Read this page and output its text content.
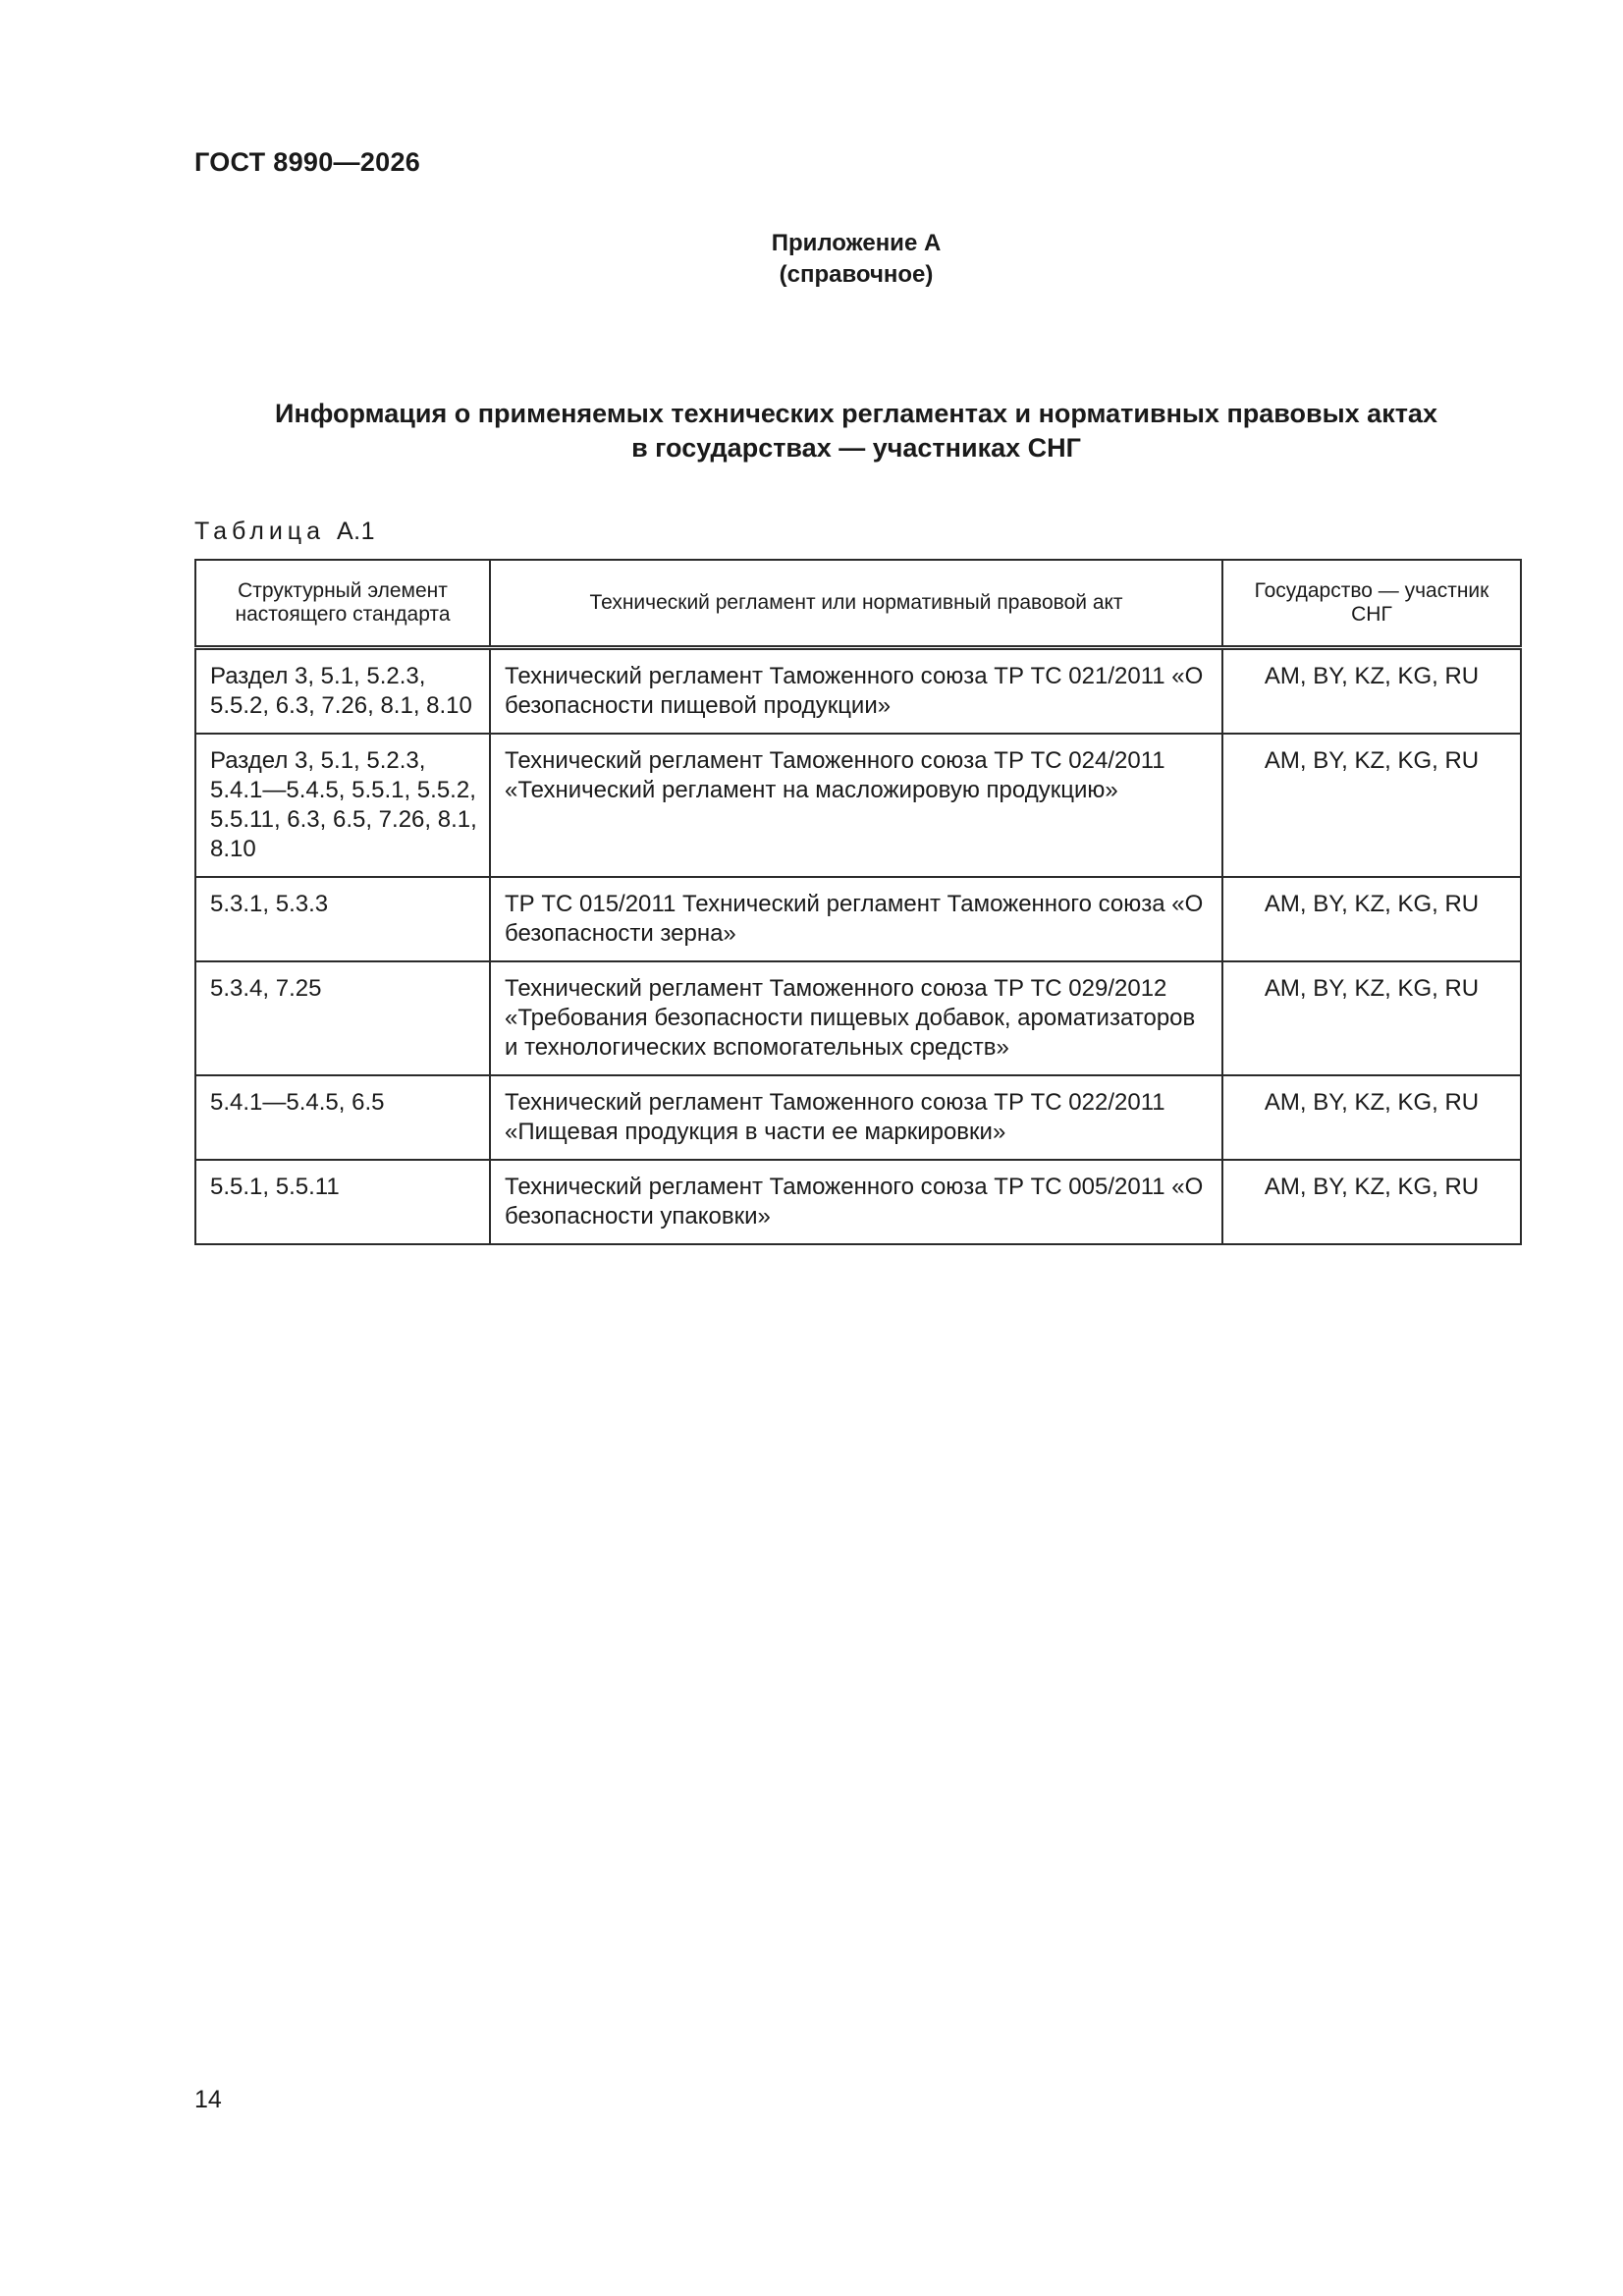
ГОСТ 8990—2026
Приложение А
(справочное)
Информация о применяемых технических регламентах и нормативных правовых актах
в государствах — участниках СНГ
Таблица А.1
Структурный элемент настоящего стандарта	Технический регламент или нормативный правовой акт	Государство — участник СНГ
Раздел 3, 5.1, 5.2.3, 5.5.2, 6.3, 7.26, 8.1, 8.10	Технический регламент Таможенного союза ТР ТС 021/2011 «О безопасности пищевой продукции»	AM, BY, KZ, KG, RU
Раздел 3, 5.1, 5.2.3, 5.4.1—5.4.5, 5.5.1, 5.5.2, 5.5.11, 6.3, 6.5, 7.26, 8.1, 8.10	Технический регламент Таможенного союза ТР ТС 024/2011 «Технический регламент на масложировую продукцию»	AM, BY, KZ, KG, RU
5.3.1, 5.3.3	ТР ТС 015/2011 Технический регламент Таможенного союза «О безопасности зерна»	AM, BY, KZ, KG, RU
5.3.4, 7.25	Технический регламент Таможенного союза ТР ТС 029/2012 «Требования безопасности пищевых добавок, ароматизаторов и технологических вспомогательных средств»	AM, BY, KZ, KG, RU
5.4.1—5.4.5, 6.5	Технический регламент Таможенного союза ТР ТС 022/2011 «Пищевая продукция в части ее маркировки»	AM, BY, KZ, KG, RU
5.5.1, 5.5.11	Технический регламент Таможенного союза ТР ТС 005/2011 «О безопасности упаковки»	AM, BY, KZ, KG, RU
14
